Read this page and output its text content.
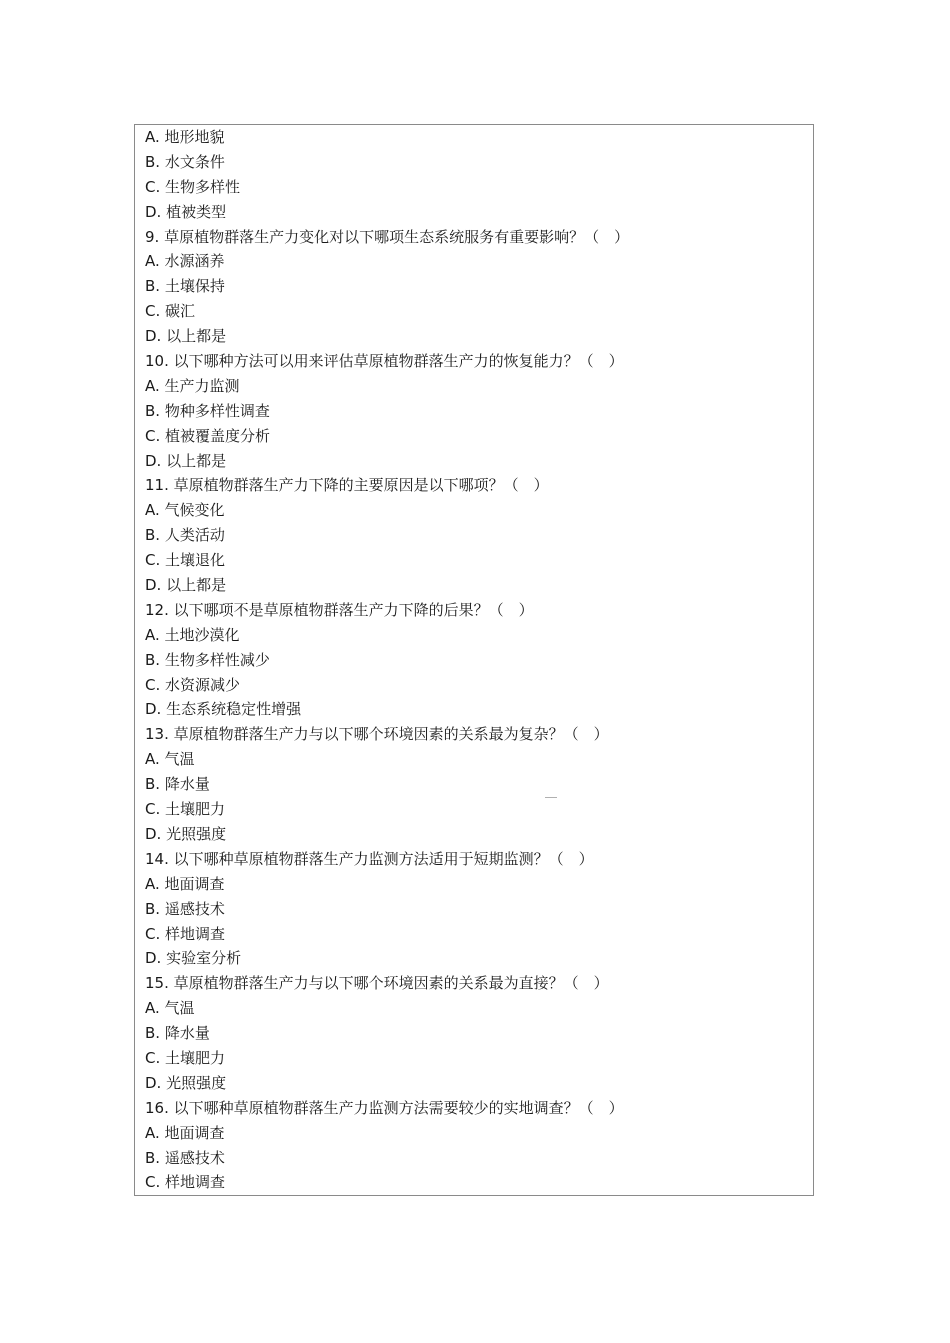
A. 地形地貌
B. 水文条件
C. 生物多样性
D. 植被类型
9. 草原植物群落生产力变化对以下哪项生态系统服务有重要影响？（　）
A. 水源涵养
B. 土壤保持
C. 碳汇
D. 以上都是
10. 以下哪种方法可以用来评估草原植物群落生产力的恢复能力？（　）
A. 生产力监测
B. 物种多样性调查
C. 植被覆盖度分析
D. 以上都是
11. 草原植物群落生产力下降的主要原因是以下哪项？（　）
A. 气候变化
B. 人类活动
C. 土壤退化
D. 以上都是
12. 以下哪项不是草原植物群落生产力下降的后果？（　）
A. 土地沙漠化
B. 生物多样性减少
C. 水资源减少
D. 生态系统稳定性增强
13. 草原植物群落生产力与以下哪个环境因素的关系最为复杂？（　）
A. 气温
B. 降水量
C. 土壤肥力
D. 光照强度
14. 以下哪种草原植物群落生产力监测方法适用于短期监测？（　）
A. 地面调查
B. 遥感技术
C. 样地调查
D. 实验室分析
15. 草原植物群落生产力与以下哪个环境因素的关系最为直接？（　）
A. 气温
B. 降水量
C. 土壤肥力
D. 光照强度
16. 以下哪种草原植物群落生产力监测方法需要较少的实地调查？（　）
A. 地面调查
B. 遥感技术
C. 样地调查
